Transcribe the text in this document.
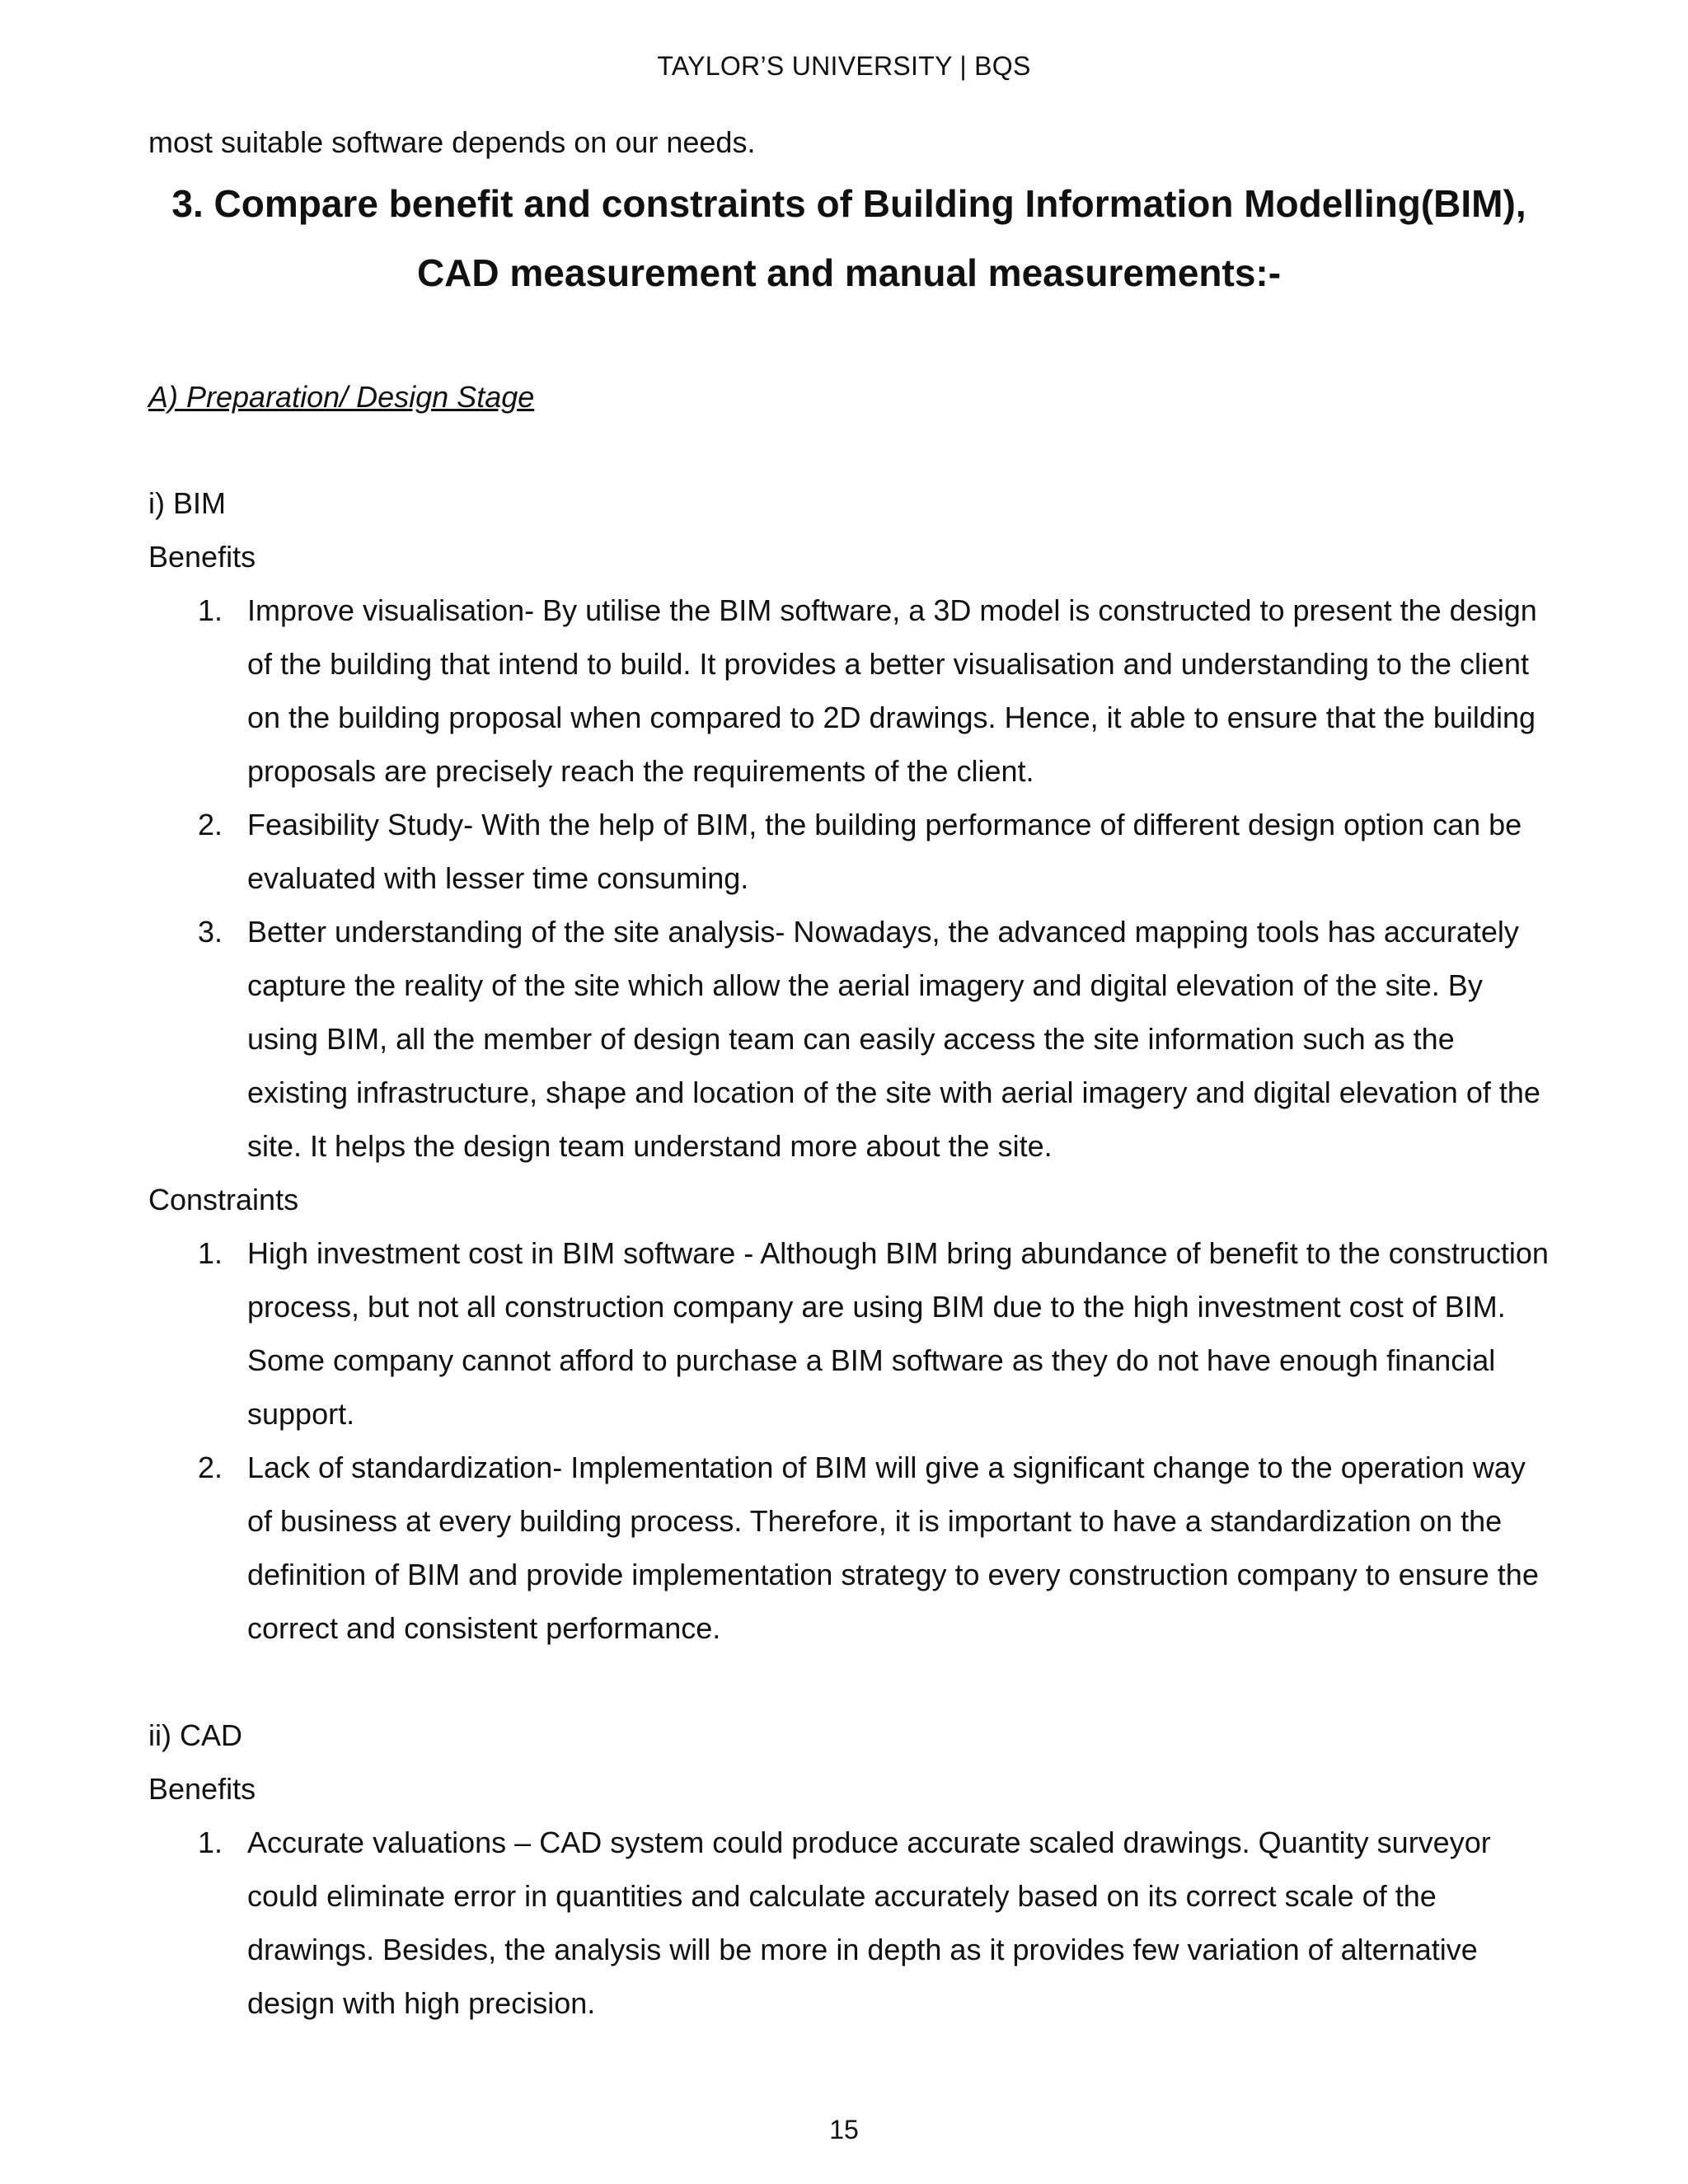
TAYLOR’S UNIVERSITY | BQS

most suitable software depends on our needs.

3. Compare benefit and constraints of Building Information Modelling(BIM),
CAD measurement and manual measurements:-

A) Preparation/ Design Stage

i) BIM

Benefits

1. Improve visualisation- By utilise the BIM software, a 3D model is constructed to present the design of the building that intend to build. It provides a better visualisation and understanding to the client on the building proposal when compared to 2D drawings. Hence, it able to ensure that the building proposals are precisely reach the requirements of the client.
2. Feasibility Study- With the help of BIM, the building performance of different design option can be evaluated with lesser time consuming.
3. Better understanding of the site analysis- Nowadays, the advanced mapping tools has accurately capture the reality of the site which allow the aerial imagery and digital elevation of the site. By using BIM, all the member of design team can easily access the site information such as the existing infrastructure, shape and location of the site with aerial imagery and digital elevation of the site. It helps the design team understand more about the site.

Constraints

1. High investment cost in BIM software - Although BIM bring abundance of benefit to the construction process, but not all construction company are using BIM due to the high investment cost of BIM. Some company cannot afford to purchase a BIM software as they do not have enough financial support.
2. Lack of standardization- Implementation of BIM will give a significant change to the operation way of business at every building process. Therefore, it is important to have a standardization on the definition of BIM and provide implementation strategy to every construction company to ensure the correct and consistent performance.

ii) CAD

Benefits

1. Accurate valuations – CAD system could produce accurate scaled drawings. Quantity surveyor could eliminate error in quantities and calculate accurately based on its correct scale of the drawings. Besides, the analysis will be more in depth as it provides few variation of alternative design with high precision.
15
